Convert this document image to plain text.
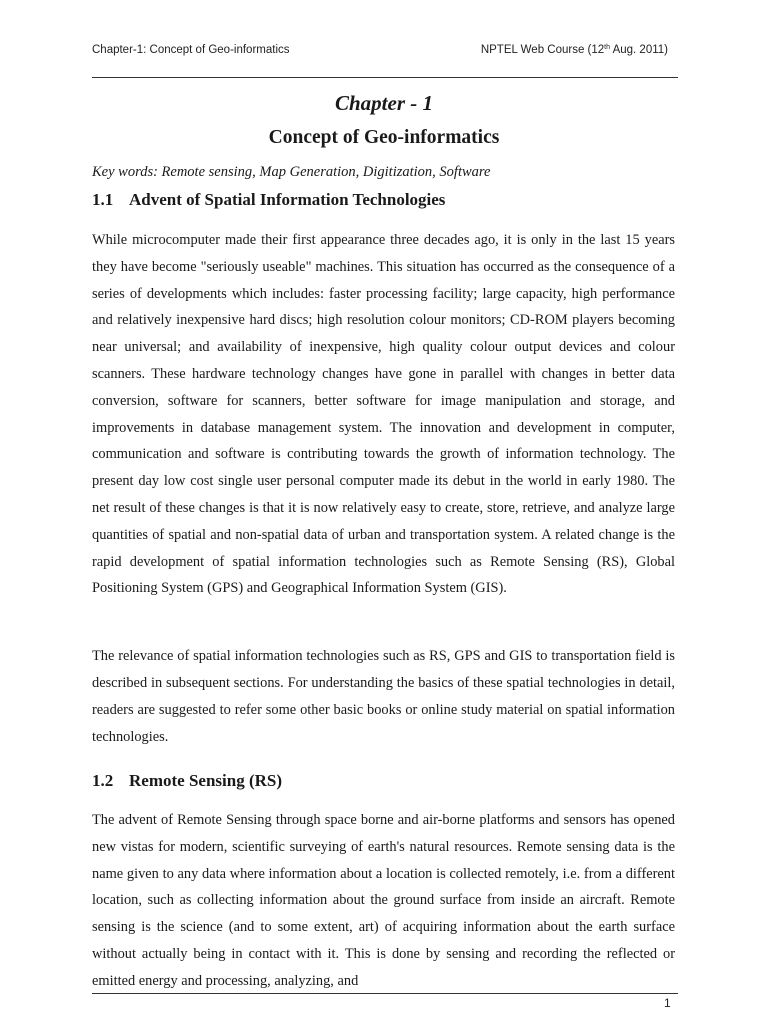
Chapter-1: Concept of Geo-informatics	NPTEL Web Course (12th Aug. 2011)
Chapter - 1
Concept of Geo-informatics
Key words: Remote sensing, Map Generation, Digitization, Software
1.1 Advent of Spatial Information Technologies

While microcomputer made their first appearance three decades ago, it is only in the last 15 years they have become "seriously useable" machines. This situation has occurred as the consequence of a series of developments which includes: faster processing facility; large capacity, high performance and relatively inexpensive hard discs; high resolution colour monitors; CD-ROM players becoming near universal; and availability of inexpensive, high quality colour output devices and colour scanners. These hardware technology changes have gone in parallel with changes in better data conversion, software for scanners, better software for image manipulation and storage, and improvements in database management system. The innovation and development in computer, communication and software is contributing towards the growth of information technology. The present day low cost single user personal computer made its debut in the world in early 1980. The net result of these changes is that it is now relatively easy to create, store, retrieve, and analyze large quantities of spatial and non-spatial data of urban and transportation system. A related change is the rapid development of spatial information technologies such as Remote Sensing (RS), Global Positioning System (GPS) and Geographical Information System (GIS).

The relevance of spatial information technologies such as RS, GPS and GIS to transportation field is described in subsequent sections. For understanding the basics of these spatial technologies in detail, readers are suggested to refer some other basic books or online study material on spatial information technologies.

1.2 Remote Sensing (RS)

The advent of Remote Sensing through space borne and air-borne platforms and sensors has opened new vistas for modern, scientific surveying of earth's natural resources. Remote sensing data is the name given to any data where information about a location is collected remotely, i.e. from a different location, such as collecting information about the ground surface from inside an aircraft. Remote sensing is the science (and to some extent, art) of acquiring information about the earth surface without actually being in contact with it. This is done by sensing and recording the reflected or emitted energy and processing, analyzing, and

1
